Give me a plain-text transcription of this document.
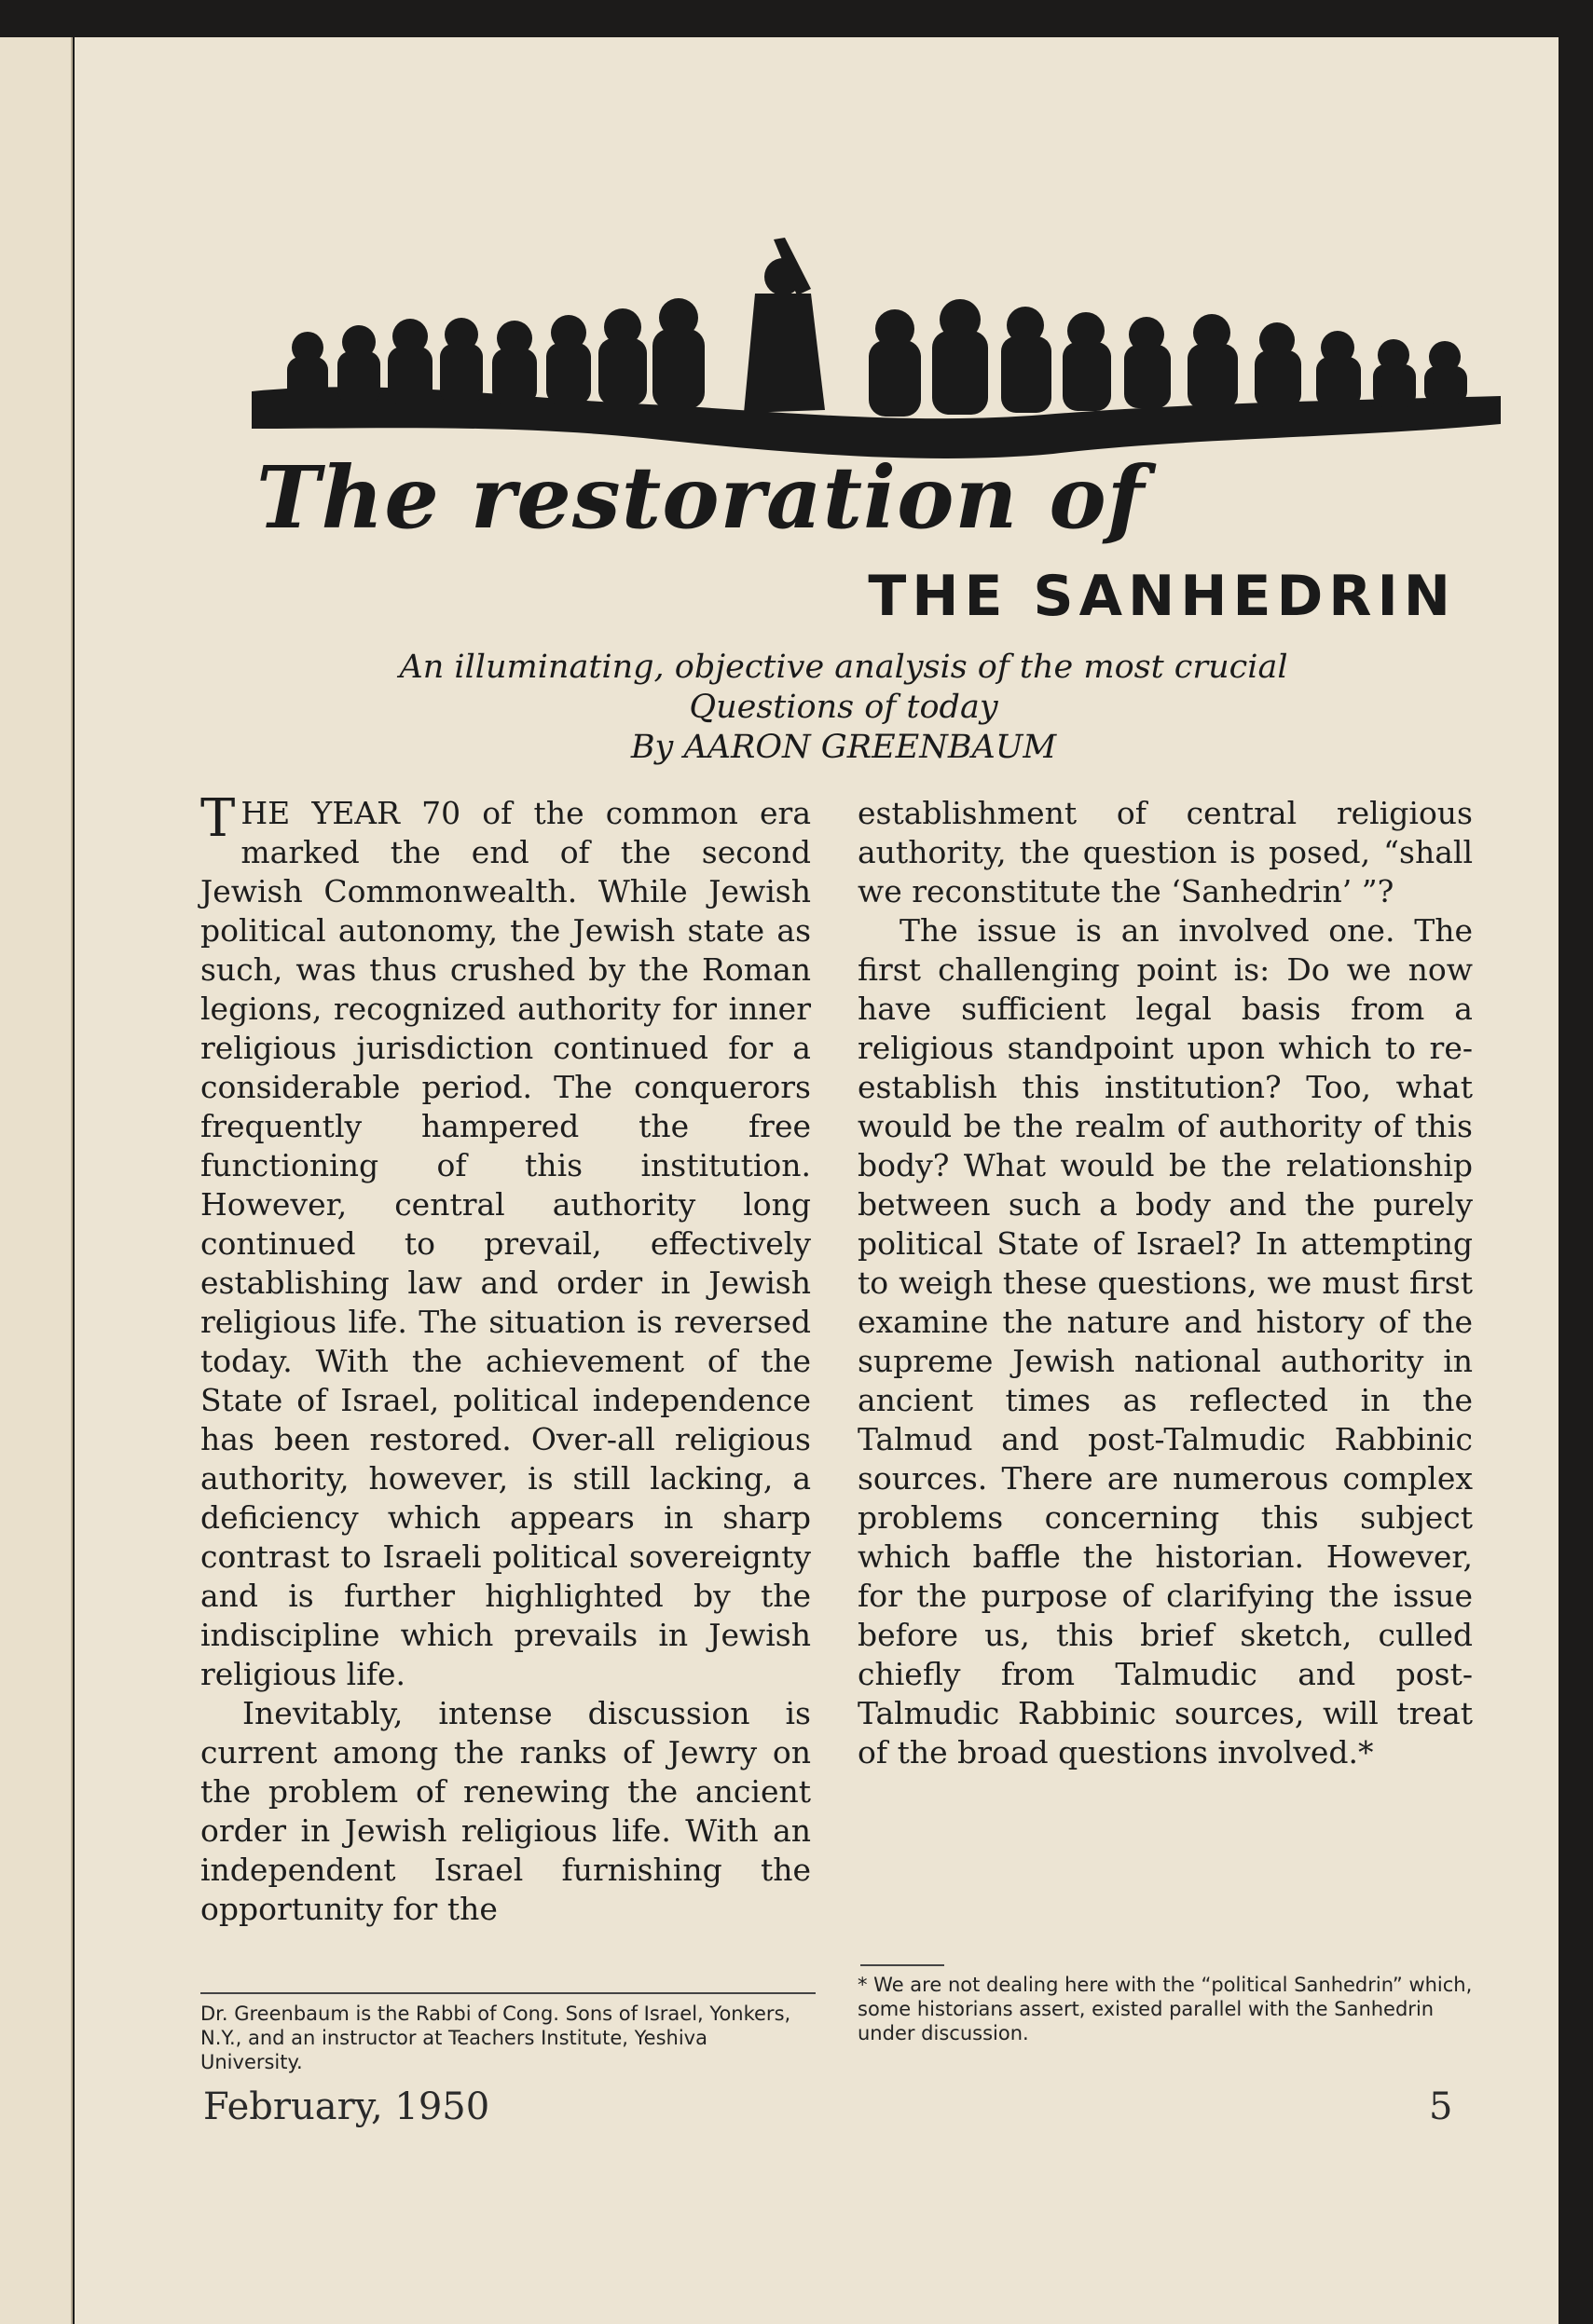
The restoration of
THE SANHEDRIN
An illuminating, objective analysis of the most crucial
Questions of today
By AARON GREENBAUM

THE YEAR 70 of the common era marked the end of the second Jewish Commonwealth. While Jewish political autonomy, the Jewish state as such, was thus crushed by the Roman legions, recognized authority for inner religious jurisdiction continued for a considerable period. The conquerors frequently hampered the free functioning of this institution. However, central authority long continued to prevail, effectively establishing law and order in Jewish religious life. The situation is reversed today. With the achievement of the State of Israel, political independence has been restored. Over-all religious authority, however, is still lacking, a deficiency which appears in sharp contrast to Israeli political sovereignty and is further highlighted by the indiscipline which prevails in Jewish religious life.

Inevitably, intense discussion is current among the ranks of Jewry on the problem of renewing the ancient order in Jewish religious life. With an independent Israel furnishing the opportunity for the

establishment of central religious authority, the question is posed, “shall we reconstitute the ‘Sanhedrin’ ”?

The issue is an involved one. The first challenging point is: Do we now have sufficient legal basis from a religious standpoint upon which to re-establish this institution? Too, what would be the realm of authority of this body? What would be the relationship between such a body and the purely political State of Israel? In attempting to weigh these questions, we must first examine the nature and history of the supreme Jewish national authority in ancient times as reflected in the Talmud and post-Talmudic Rabbinic sources. There are numerous complex problems concerning this subject which baffle the historian. However, for the purpose of clarifying the issue before us, this brief sketch, culled chiefly from Talmudic and post-Talmudic Rabbinic sources, will treat of the broad questions involved.*

Dr. Greenbaum is the Rabbi of Cong. Sons of Israel, Yonkers, N.Y., and an instructor at Teachers Institute, Yeshiva University.
* We are not dealing here with the “political Sanhedrin” which, some historians assert, existed parallel with the Sanhedrin under discussion.
February, 1950	5
